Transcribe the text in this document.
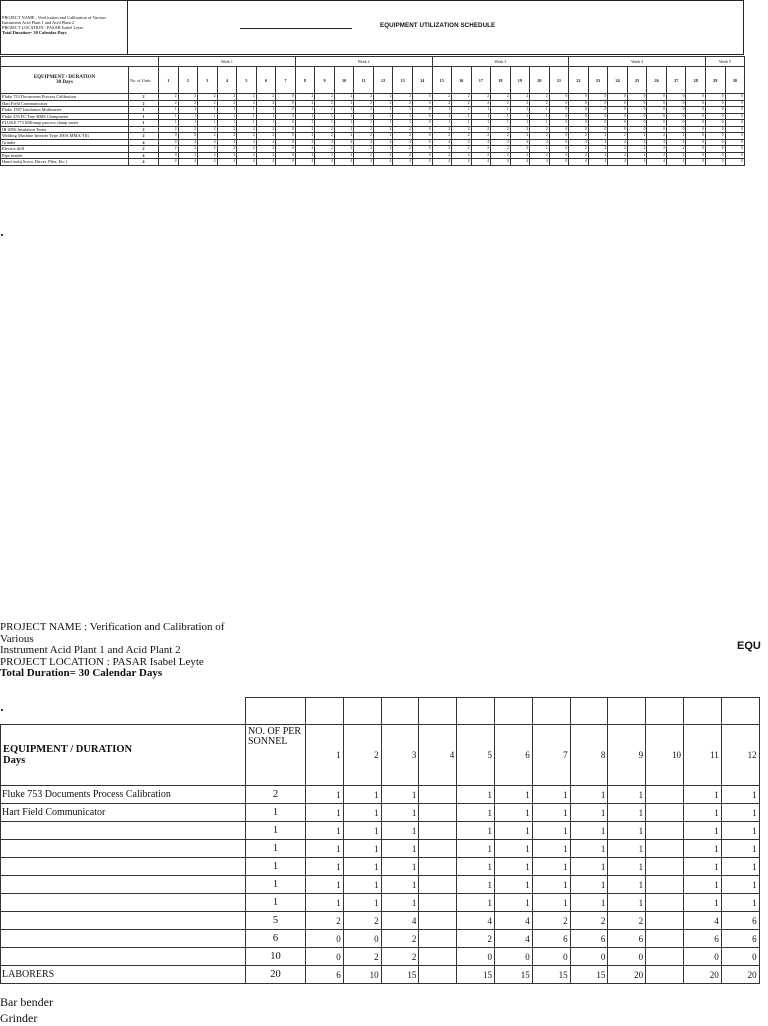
PROJECT NAME : Verification and Calibration of Various
Instrument Acid Plant 1 and Acid Plant 2
PROJECT LOCATION : PASAR Isabel Leyte
Total Duration= 30 Calendar Days
EQUIPMENT UTILIZATION SCHEDULE
		Week 1							Week 2							Week 3							Week 4							Week 5	

EQUIPMENT / DURATION
30 Days	No. of Units	1	2	3	4	5	6	7	8	9	10	11	12	13	14	15	16	17	18	19	20	21	22	23	24	25	26	27	28	29	30
Fluke 753 Documents Process Calibration	2	2	2	2	2	2	2	0	2	2	2	2	2	2	0	2	2	2	2	2	2	0	0	0	0	0	0	0	0	0	0
Hart Field Communicator	2	2	2	2	2	2	2	0	2	2	2	2	2	2	0	2	2	2	2	2	2	0	0	0	0	0	0	0	0	0	0
Fluke 1587 Insulation Multimeter	1	1	1	1	1	1	1	0	1	1	1	1	1	1	0	1	1	1	1	1	1	0	0	0	0	0	0	0	0	0	0
Fluke 376 FC True RMS Clampmeter	1	1	1	1	1	1	1	0	1	1	1	1	1	1	0	1	1	1	1	1	1	0	0	0	0	0	0	0	0	0	0
FLUKE 773 Milliamp process clamp meter	1	1	1	1	1	1	1	0	1	1	1	1	1	1	0	1	1	1	1	1	1	0	0	0	0	0	0	0	0	0	0
IR 4056 Insulation Tester	2	2	2	2	2	2	2	0	2	2	2	2	2	2	0	2	2	2	2	2	2	0	0	0	0	0	0	0	0	0	0
Welding Machine Inverter Type 300A MMA/TIG	2	0	0	2	2	2	2	0	2	2	2	2	2	2	0	2	2	2	2	2	2	0	2	2	2	2	2	2	0	0	0
Grinder	4	4	4	4	4	4	4	0	4	4	4	4	4	4	0	4	4	4	4	4	4	0	4	4	4	4	4	4	0	0	0
Electric drill	2	2	2	2	2	2	2	0	2	2	2	2	2	2	0	2	2	2	2	2	2	0	2	2	2	2	2	2	0	0	0
Pipe bender	4	0	2	2	2	2	2	0	2	2	2	2	2	2	0	2	2	2	2	2	2	0	2	2	2	2	2	2	0	0	0
Hand tools(Screw Driver, Plier, Etc.)	4	4	4	4	4	4	4	0	4	4	4	4	4	4	0	4	4	4	4	4	4	0	4	4	4	4	4	4	0	0	0
PROJECT NAME : Verification and Calibration of Various
Instrument Acid Plant 1 and Acid Plant 2
PROJECT LOCATION : PASAR Isabel Leyte
Total Duration= 30 Calendar Days
EQU

EQUIPMENT / DURATION
Days	NO. OF PERSONNEL	1	2	3	4	5	6	7	8	9	10	11	12
Fluke 753 Documents Process Calibration	2	1	1	1		1	1	1	1	1		1	1
Hart Field Communicator	1	1	1	1		1	1	1	1	1		1	1
	1	1	1	1		1	1	1	1	1		1	1
	1	1	1	1		1	1	1	1	1		1	1
	1	1	1	1		1	1	1	1	1		1	1
	1	1	1	1		1	1	1	1	1		1	1
	1	1	1	1		1	1	1	1	1		1	1
	5	2	2	4		4	4	2	2	2		4	6
	6	0	0	2		2	4	6	6	6		6	6
	10	0	2	2		0	0	0	0	0		0	0
LABORERS	20	6	10	15		15	15	15	15	20		20	20
Bar bender
Grinder
